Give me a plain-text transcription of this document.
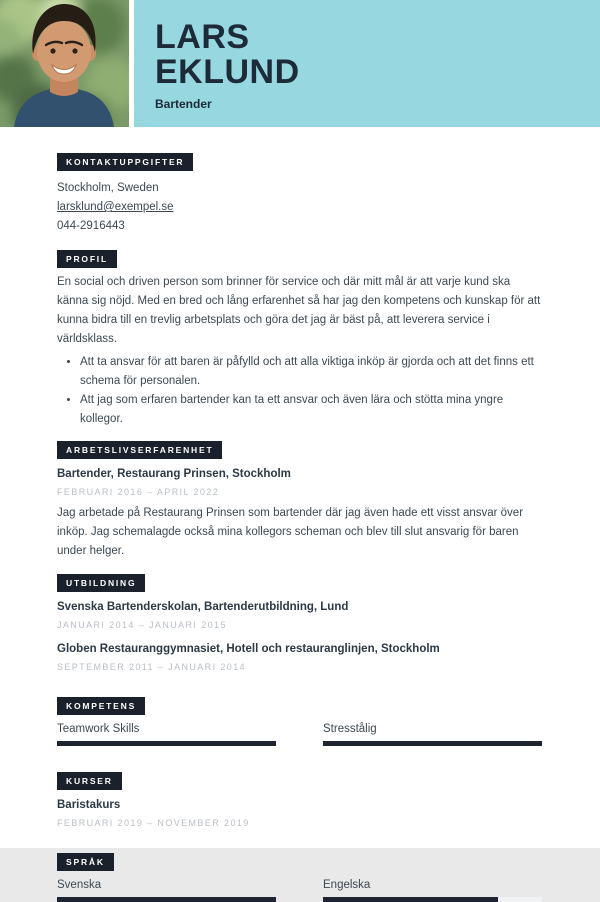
LARS
EKLUND
Bartender
KONTAKTUPPGIFTER
Stockholm, Sweden
larsklund@exempel.se
044-2916443
PROFIL

En social och driven person som brinner för service och där mitt mål är att varje kund ska känna sig nöjd. Med en bred och lång erfarenhet så har jag den kompetens och kunskap för att kunna bidra till en trevlig arbetsplats och göra det jag är bäst på, att leverera service i världsklass.

• Att ta ansvar för att baren är påfylld och att alla viktiga inköp är gjorda och att det finns ett schema för personalen.
• Att jag som erfaren bartender kan ta ett ansvar och även lära och stötta mina yngre kollegor.
ARBETSLIVSERFARENHET
Bartender, Restaurang Prinsen, Stockholm
FEBRUARI 2016 – APRIL 2022

Jag arbetade på Restaurang Prinsen som bartender där jag även hade ett visst ansvar över inköp. Jag schemalagde också mina kollegors scheman och blev till slut ansvarig för baren under helger.

UTBILDNING
Svenska Bartenderskolan, Bartenderutbildning, Lund
JANUARI 2014 – JANUARI 2015
Globen Restauranggymnasiet, Hotell och restauranglinjen, Stockholm
SEPTEMBER 2011 – JANUARI 2014
KOMPETENS
Teamwork Skills	Stresstålig
KURSER
Baristakurs
FEBRUARI 2019 – NOVEMBER 2019
SPRÅK
Svenska	Engelska
